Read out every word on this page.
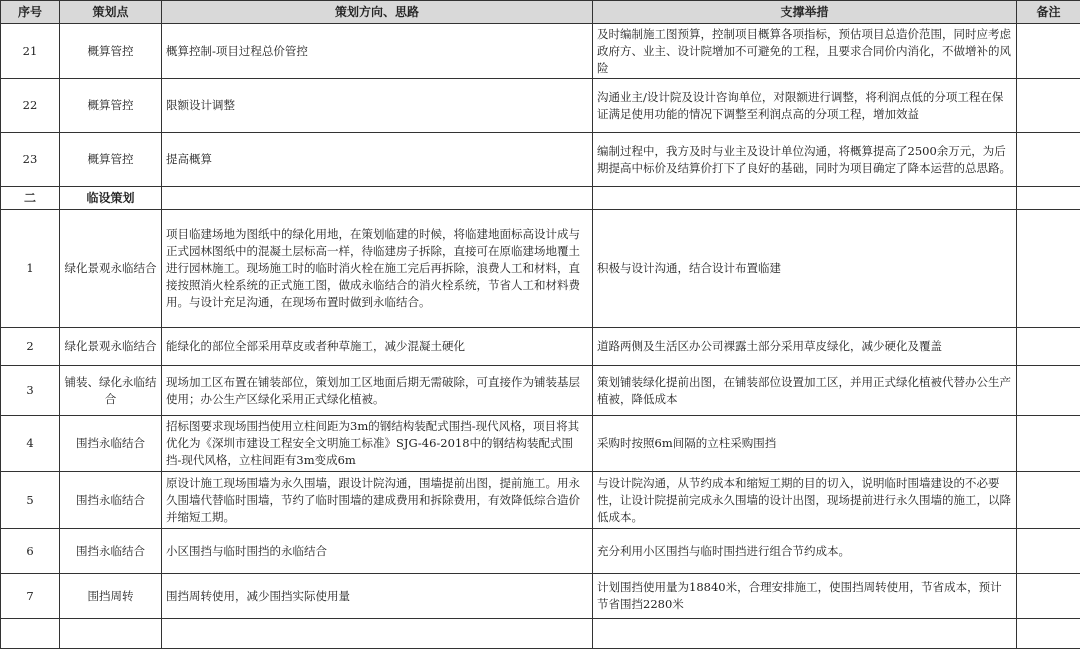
序号	策划点	策划方向、思路	支撑举措	备注
21	概算管控	概算控制-项目过程总价管控	及时编制施工图预算，控制项目概算各项指标，预估项目总造价范围，同时应考虑政府方、业主、设计院增加不可避免的工程，且要求合同价内消化，不做增补的风险	
22	概算管控	限额设计调整	沟通业主/设计院及设计咨询单位，对限额进行调整，将利润点低的分项工程在保证满足使用功能的情况下调整至利润点高的分项工程，增加效益	
23	概算管控	提高概算	编制过程中，我方及时与业主及设计单位沟通，将概算提高了2500余万元，为后期提高中标价及结算价打下了良好的基础，同时为项目确定了降本运营的总思路。	
二	临设策划			
1	绿化景观永临结合	项目临建场地为图纸中的绿化用地，在策划临建的时候，将临建地面标高设计成与正式园林图纸中的混凝土层标高一样，待临建房子拆除，直接可在原临建场地覆土进行园林施工。现场施工时的临时消火栓在施工完后再拆除，浪费人工和材料，直接按照消火栓系统的正式施工图，做成永临结合的消火栓系统，节省人工和材料费用。与设计充足沟通，在现场布置时做到永临结合。	积极与设计沟通，结合设计布置临建	
2	绿化景观永临结合	能绿化的部位全部采用草皮或者种草施工，减少混凝土硬化	道路两侧及生活区办公司裸露土部分采用草皮绿化，减少硬化及覆盖	
3	铺装、绿化永临结合	现场加工区布置在铺装部位，策划加工区地面后期无需破除，可直接作为铺装基层使用；办公生产区绿化采用正式绿化植被。	策划铺装绿化提前出图，在铺装部位设置加工区，并用正式绿化植被代替办公生产植被，降低成本	
4	围挡永临结合	招标图要求现场围挡使用立柱间距为3m的钢结构装配式围挡-现代风格，项目将其优化为《深圳市建设工程安全文明施工标准》SJG-46-2018中的钢结构装配式围挡-现代风格，立柱间距有3m变成6m	采购时按照6m间隔的立柱采购围挡	
5	围挡永临结合	原设计施工现场围墙为永久围墙，跟设计院沟通，围墙提前出图，提前施工。用永久围墙代替临时围墙，节约了临时围墙的建成费用和拆除费用，有效降低综合造价并缩短工期。	与设计院沟通，从节约成本和缩短工期的目的切入，说明临时围墙建设的不必要性，让设计院提前完成永久围墙的设计出图，现场提前进行永久围墙的施工，以降低成本。	
6	围挡永临结合	小区围挡与临时围挡的永临结合	充分利用小区围挡与临时围挡进行组合节约成本。	
7	围挡周转	围挡周转使用，减少围挡实际使用量	计划围挡使用量为18840米，合理安排施工，使围挡周转使用，节省成本，预计节省围挡2280米	
